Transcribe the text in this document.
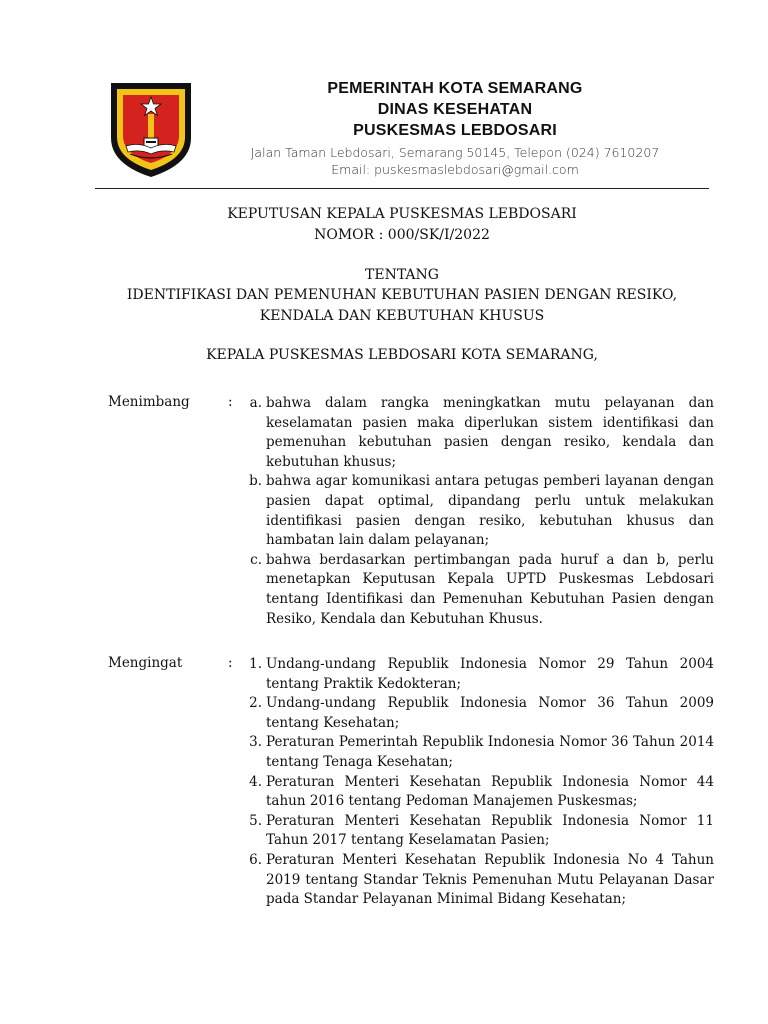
PEMERINTAH KOTA SEMARANG
DINAS KESEHATAN
PUSKESMAS LEBDOSARI
Jalan Taman Lebdosari, Semarang 50145, Telepon (024) 7610207
Email: puskesmaslebdosari@gmail.com
KEPUTUSAN KEPALA PUSKESMAS LEBDOSARI
NOMOR : 000/SK/I/2022
TENTANG
IDENTIFIKASI DAN PEMENUHAN KEBUTUHAN PASIEN DENGAN RESIKO,
KENDALA DAN KEBUTUHAN KHUSUS
KEPALA PUSKESMAS LEBDOSARI KOTA SEMARANG,
Menimbang	:	a. bahwa dalam rangka meningkatkan mutu pelayanan dan keselamatan pasien maka diperlukan sistem identifikasi dan pemenuhan kebutuhan pasien dengan resiko, kendala dan kebutuhan khusus;
b. bahwa agar komunikasi antara petugas pemberi layanan dengan pasien dapat optimal, dipandang perlu untuk melakukan identifikasi pasien dengan resiko, kebutuhan khusus dan hambatan lain dalam pelayanan;
c. bahwa berdasarkan pertimbangan pada huruf a dan b, perlu menetapkan Keputusan Kepala UPTD Puskesmas Lebdosari tentang Identifikasi dan Pemenuhan Kebutuhan Pasien dengan Resiko, Kendala dan Kebutuhan Khusus.
Mengingat	:	1. Undang-undang Republik Indonesia Nomor 29 Tahun 2004 tentang Praktik Kedokteran;
2. Undang-undang Republik Indonesia Nomor 36 Tahun 2009 tentang Kesehatan;
3. Peraturan Pemerintah Republik Indonesia Nomor 36 Tahun 2014 tentang Tenaga Kesehatan;
4. Peraturan Menteri Kesehatan Republik Indonesia Nomor 44 tahun 2016 tentang Pedoman Manajemen Puskesmas;
5. Peraturan Menteri Kesehatan Republik Indonesia Nomor 11 Tahun 2017 tentang Keselamatan Pasien;
6. Peraturan Menteri Kesehatan Republik Indonesia No 4 Tahun 2019 tentang Standar Teknis Pemenuhan Mutu Pelayanan Dasar pada Standar Pelayanan Minimal Bidang Kesehatan;
